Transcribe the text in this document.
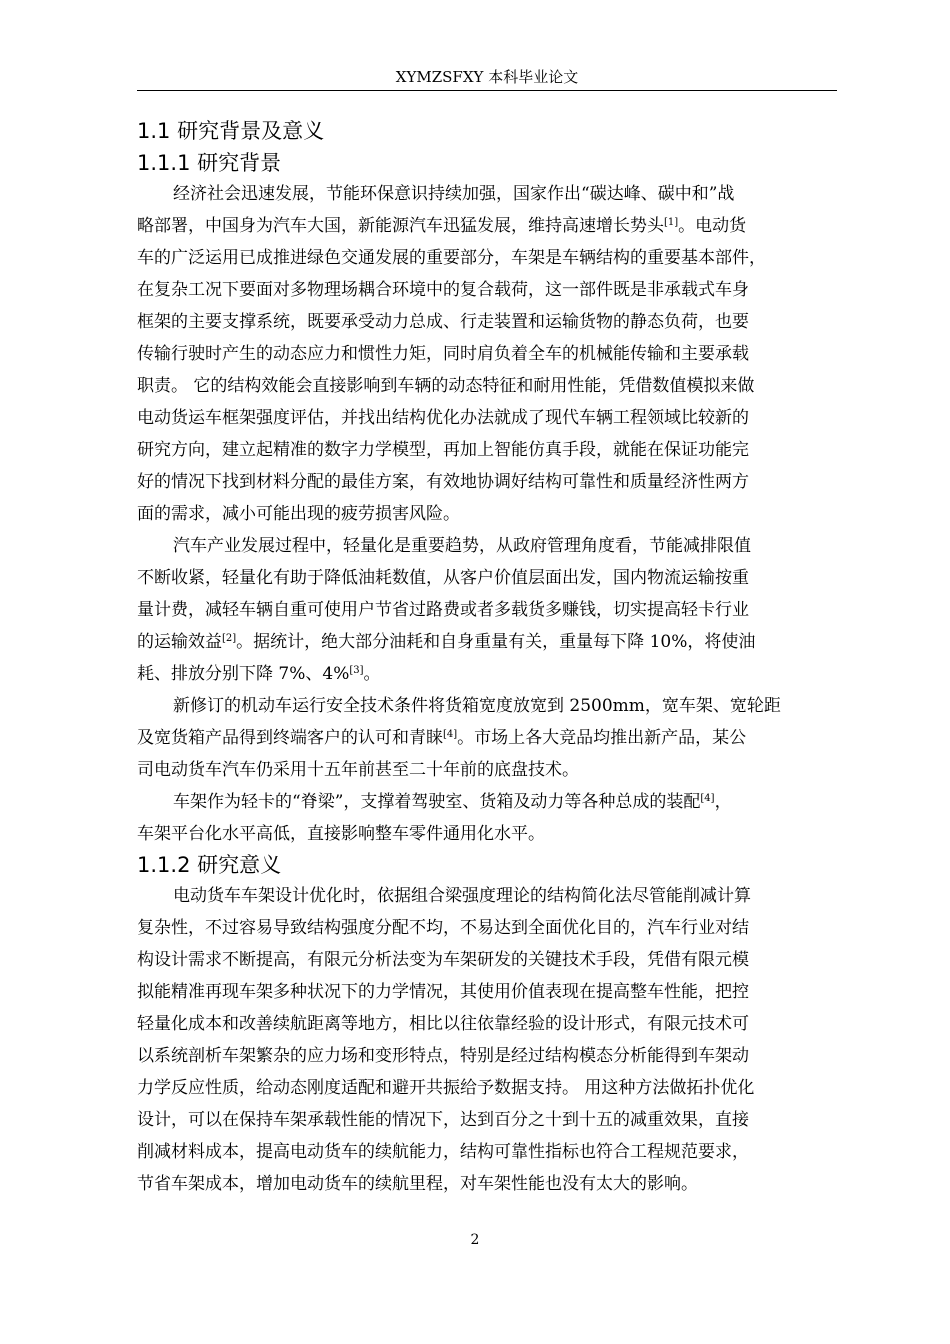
XYMZSFXY 本科毕业论文
1.1 研究背景及意义
1.1.1 研究背景
经济社会迅速发展，节能环保意识持续加强，国家作出“碳达峰、碳中和”战
略部署，中国身为汽车大国，新能源汽车迅猛发展，维持高速增长势头[1]。电动货
车的广泛运用已成推进绿色交通发展的重要部分，车架是车辆结构的重要基本部件，
在复杂工况下要面对多物理场耦合环境中的复合载荷，这一部件既是非承载式车身
框架的主要支撑系统，既要承受动力总成、行走装置和运输货物的静态负荷，也要
传输行驶时产生的动态应力和惯性力矩，同时肩负着全车的机械能传输和主要承载
职责。 它的结构效能会直接影响到车辆的动态特征和耐用性能，凭借数值模拟来做
电动货运车框架强度评估，并找出结构优化办法就成了现代车辆工程领域比较新的
研究方向，建立起精准的数字力学模型，再加上智能仿真手段，就能在保证功能完
好的情况下找到材料分配的最佳方案，有效地协调好结构可靠性和质量经济性两方
面的需求，减小可能出现的疲劳损害风险。
汽车产业发展过程中，轻量化是重要趋势，从政府管理角度看，节能减排限值
不断收紧，轻量化有助于降低油耗数值，从客户价值层面出发，国内物流运输按重
量计费，减轻车辆自重可使用户节省过路费或者多载货多赚钱，切实提高轻卡行业
的运输效益[2]。据统计，绝大部分油耗和自身重量有关，重量每下降 10%，将使油
耗、排放分别下降 7%、4%[3]。
新修订的机动车运行安全技术条件将货箱宽度放宽到 2500mm，宽车架、宽轮距
及宽货箱产品得到终端客户的认可和青睐[4]。市场上各大竞品均推出新产品，某公
司电动货车汽车仍采用十五年前甚至二十年前的底盘技术。
车架作为轻卡的“脊梁”，支撑着驾驶室、货箱及动力等各种总成的装配[4]，
车架平台化水平高低，直接影响整车零件通用化水平。
1.1.2 研究意义
电动货车车架设计优化时，依据组合梁强度理论的结构简化法尽管能削减计算
复杂性，不过容易导致结构强度分配不均，不易达到全面优化目的，汽车行业对结
构设计需求不断提高，有限元分析法变为车架研发的关键技术手段，凭借有限元模
拟能精准再现车架多种状况下的力学情况，其使用价值表现在提高整车性能，把控
轻量化成本和改善续航距离等地方，相比以往依靠经验的设计形式，有限元技术可
以系统剖析车架繁杂的应力场和变形特点，特别是经过结构模态分析能得到车架动
力学反应性质，给动态刚度适配和避开共振给予数据支持。 用这种方法做拓扑优化
设计，可以在保持车架承载性能的情况下，达到百分之十到十五的减重效果，直接
削减材料成本，提高电动货车的续航能力，结构可靠性指标也符合工程规范要求，
节省车架成本，增加电动货车的续航里程，对车架性能也没有太大的影响。
2
